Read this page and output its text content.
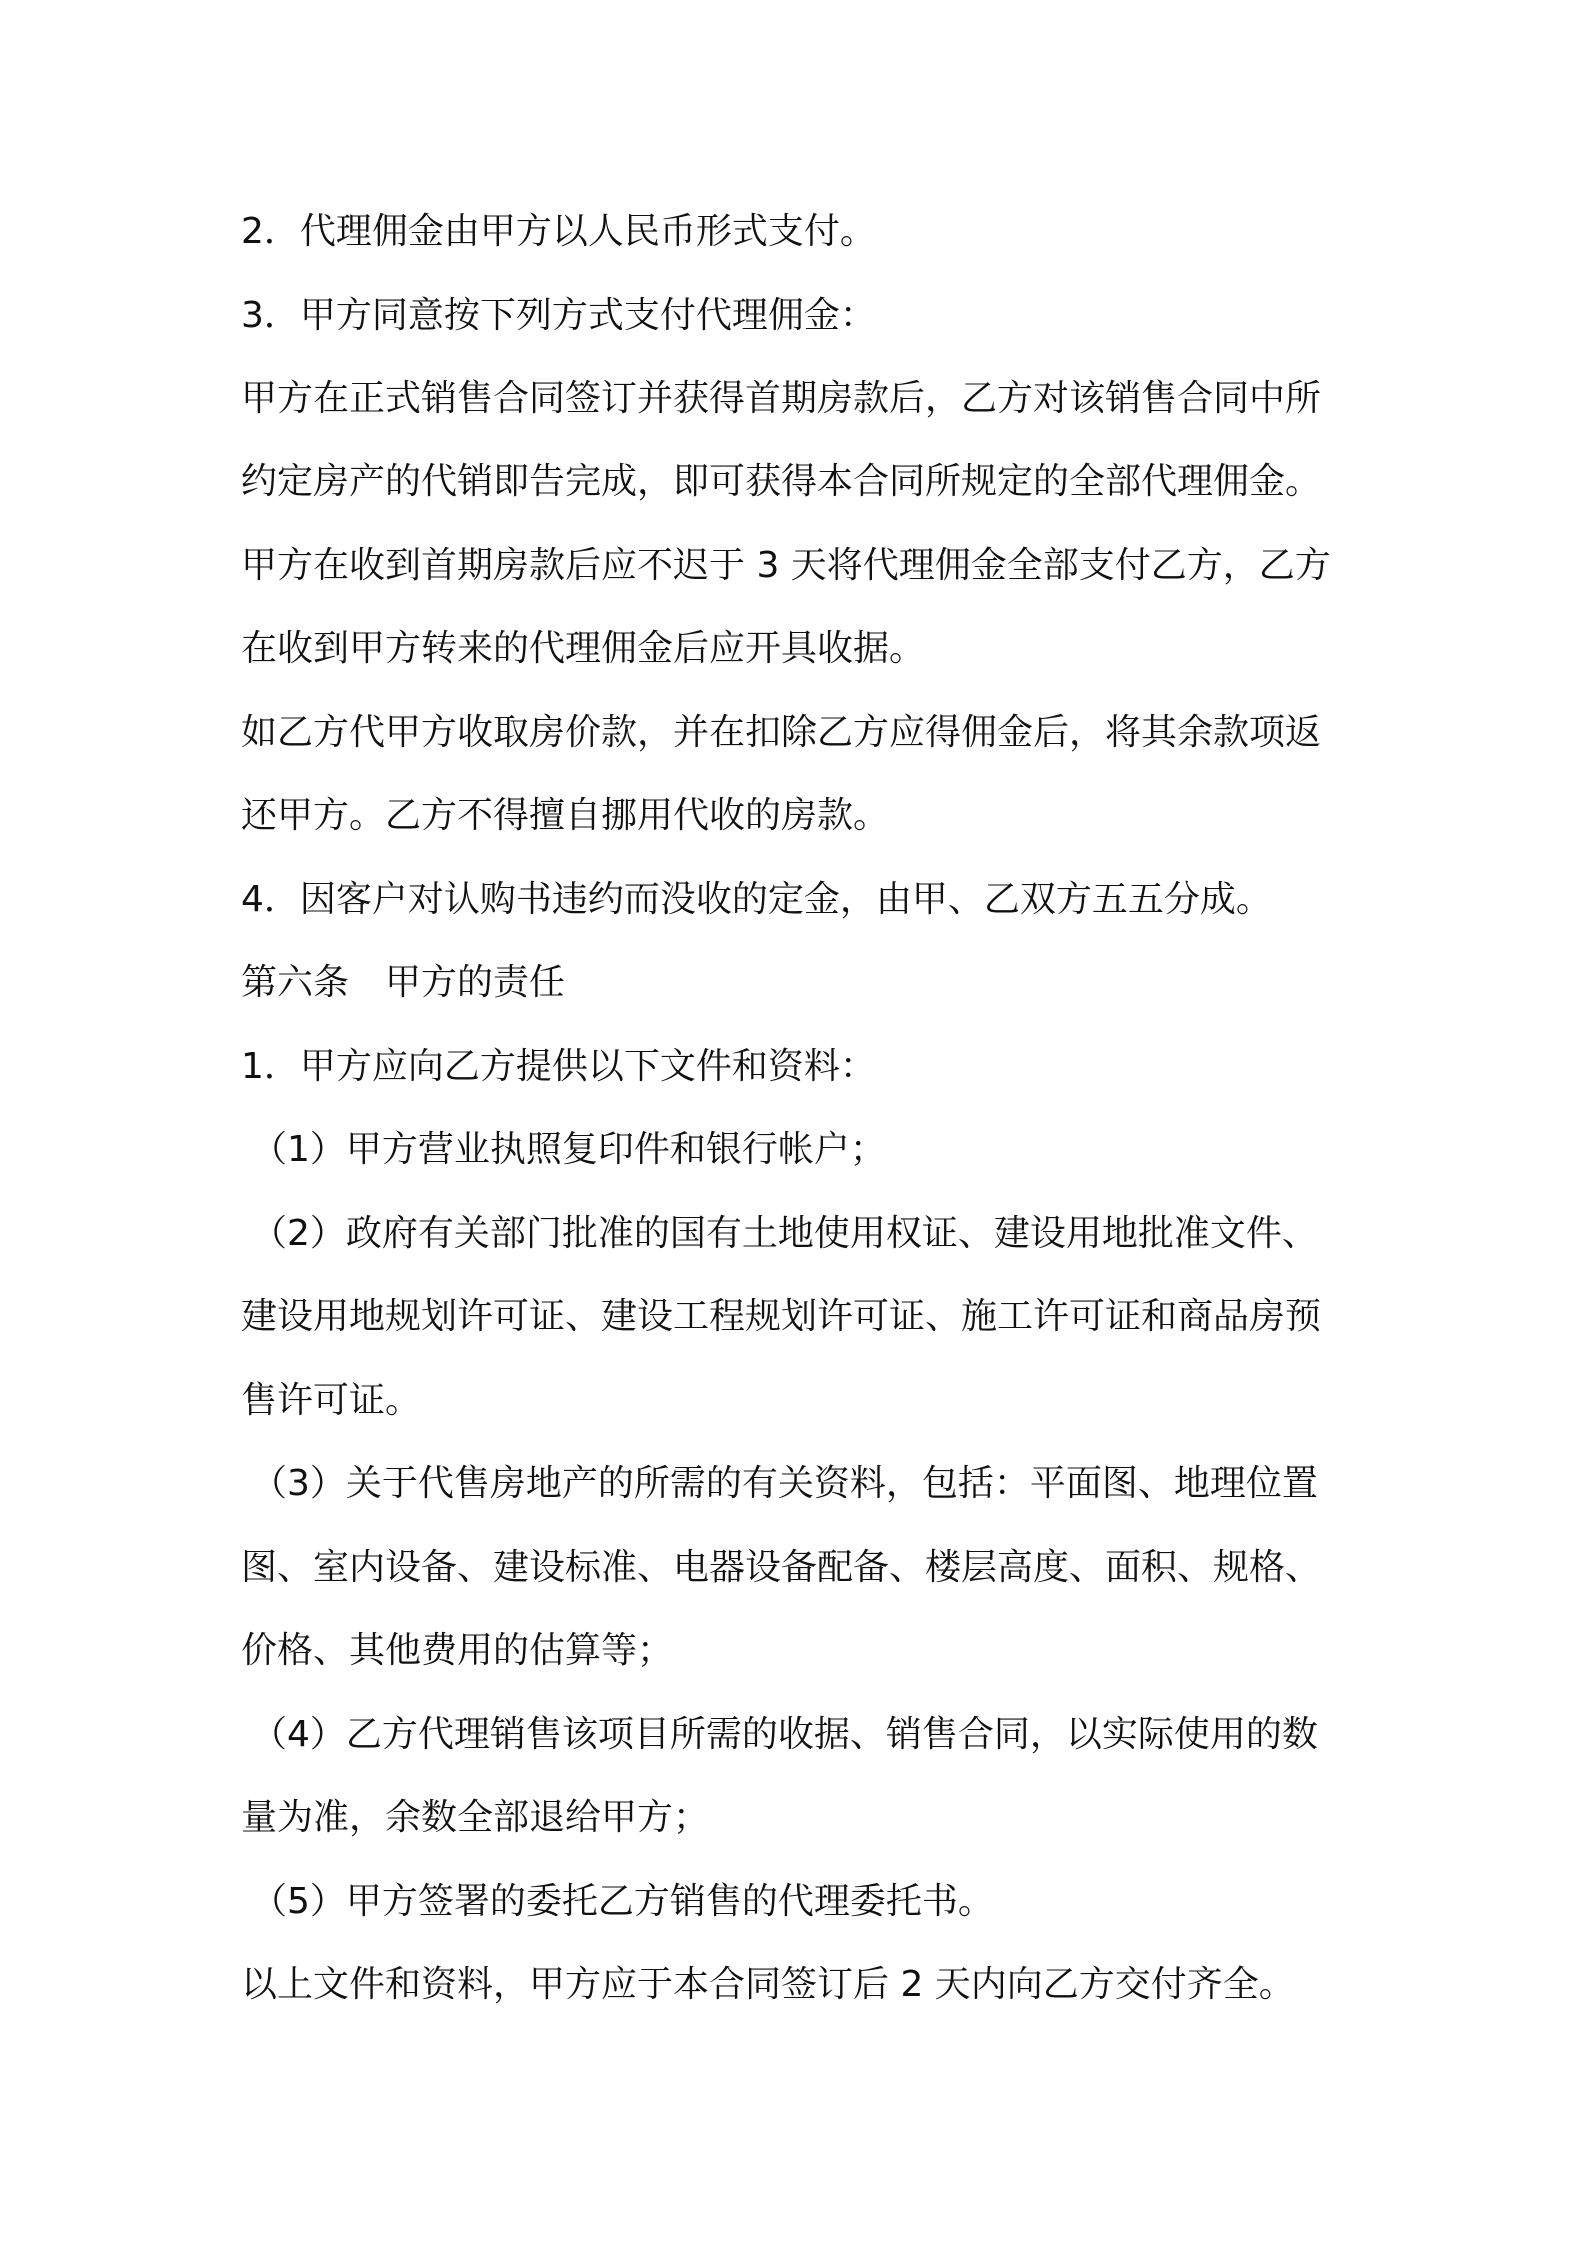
2．代理佣金由甲方以人民币形式支付。
3．甲方同意按下列方式支付代理佣金：
甲方在正式销售合同签订并获得首期房款后，乙方对该销售合同中所
约定房产的代销即告完成，即可获得本合同所规定的全部代理佣金。
甲方在收到首期房款后应不迟于 3 天将代理佣金全部支付乙方，乙方
在收到甲方转来的代理佣金后应开具收据。
如乙方代甲方收取房价款，并在扣除乙方应得佣金后，将其余款项返
还甲方。乙方不得擅自挪用代收的房款。
4．因客户对认购书违约而没收的定金，由甲、乙双方五五分成。
第六条　甲方的责任
1．甲方应向乙方提供以下文件和资料：
（1）甲方营业执照复印件和银行帐户；
（2）政府有关部门批准的国有土地使用权证、建设用地批准文件、
建设用地规划许可证、建设工程规划许可证、施工许可证和商品房预
售许可证。
（3）关于代售房地产的所需的有关资料，包括：平面图、地理位置
图、室内设备、建设标准、电器设备配备、楼层高度、面积、规格、
价格、其他费用的估算等；
（4）乙方代理销售该项目所需的收据、销售合同，以实际使用的数
量为准，余数全部退给甲方；
（5）甲方签署的委托乙方销售的代理委托书。
以上文件和资料，甲方应于本合同签订后 2 天内向乙方交付齐全。
